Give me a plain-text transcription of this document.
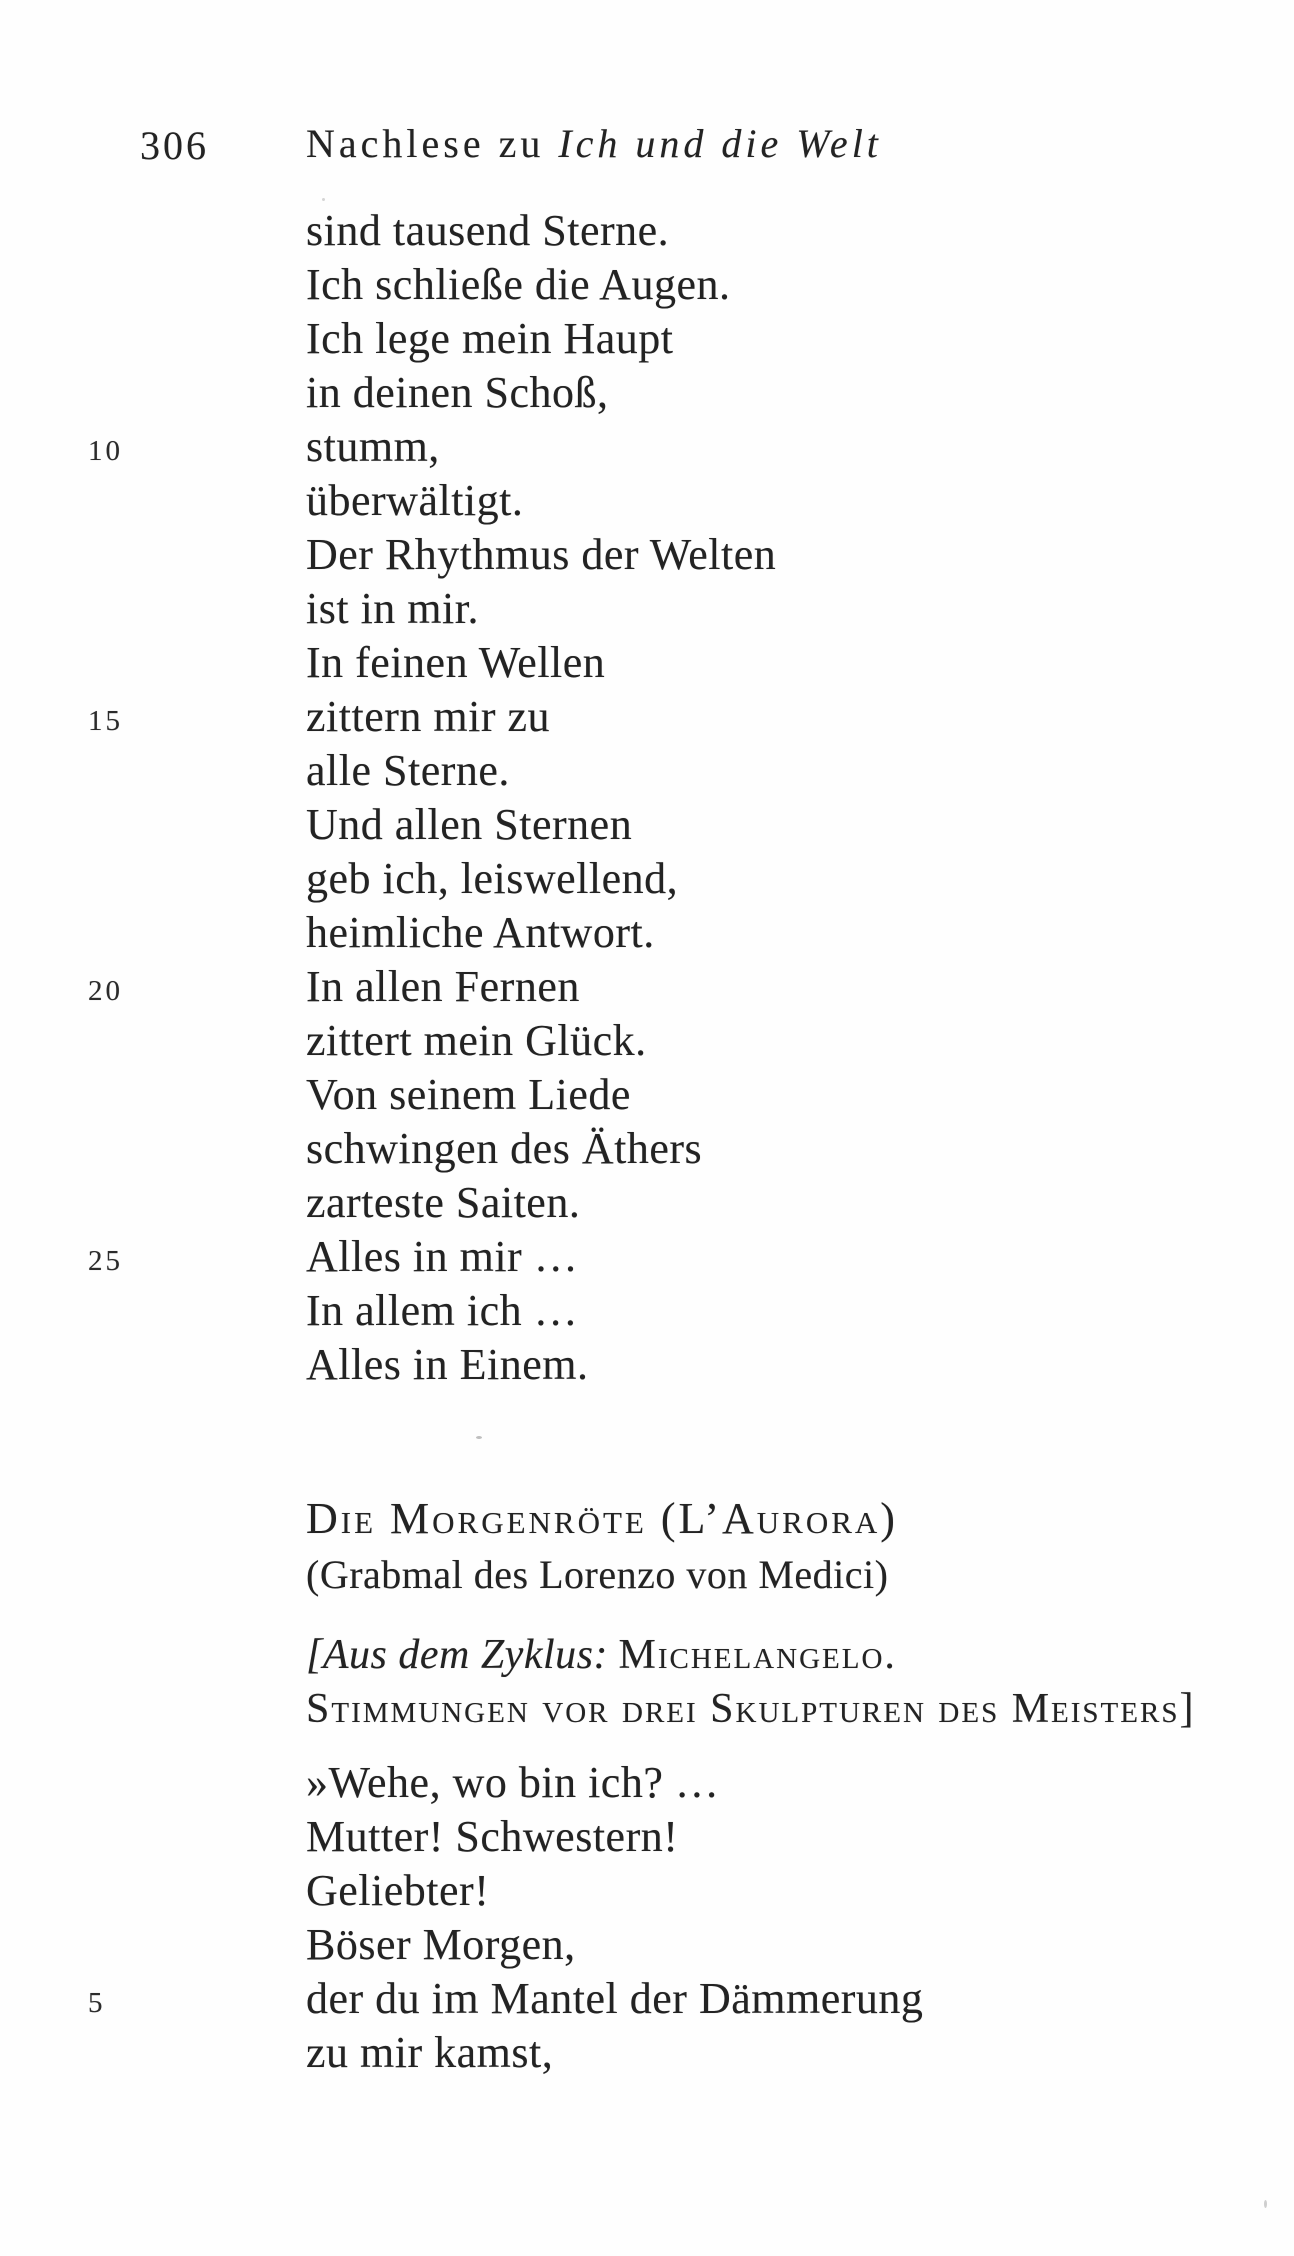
306 Nachlese zu Ich und die Welt
sind tausend Sterne.
Ich schließe die Augen.
Ich lege mein Haupt
in deinen Schoß,
10	stumm,
überwältigt.
Der Rhythmus der Welten
ist in mir.
In feinen Wellen
15	zittern mir zu
alle Sterne.
Und allen Sternen
geb ich, leiswellend,
heimliche Antwort.
20	In allen Fernen
zittert mein Glück.
Von seinem Liede
schwingen des Äthers
zarteste Saiten.
25	Alles in mir …
In allem ich …
Alles in Einem.
Die Morgenröte (L’Aurora)
(Grabmal des Lorenzo von Medici)
[Aus dem Zyklus: Michelangelo.
Stimmungen vor drei Skulpturen des Meisters]
»Wehe, wo bin ich? …
Mutter! Schwestern!
Geliebter!
Böser Morgen,
5	der du im Mantel der Dämmerung
zu mir kamst,
